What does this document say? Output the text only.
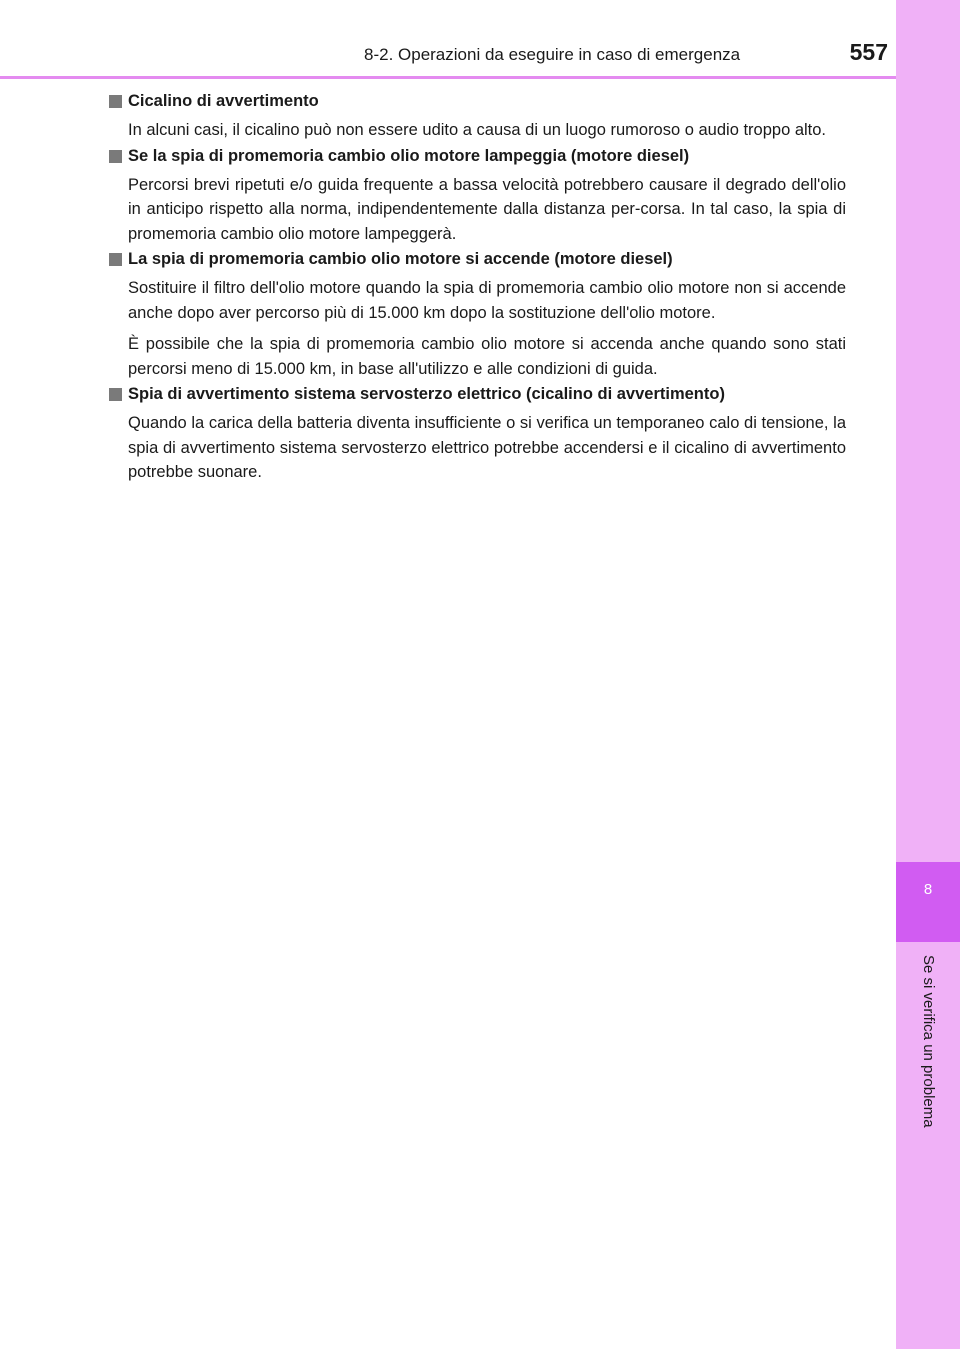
8
Se si verifica un problema
8-2. Operazioni da eseguire in caso di emergenza	557
Cicalino di avvertimento

In alcuni casi, il cicalino può non essere udito a causa di un luogo rumoroso o audio troppo alto.

Se la spia di promemoria cambio olio motore lampeggia (motore diesel)

Percorsi brevi ripetuti e/o guida frequente a bassa velocità potrebbero causare il degrado dell'olio in anticipo rispetto alla norma, indipendentemente dalla distanza per-corsa. In tal caso, la spia di promemoria cambio olio motore lampeggerà.

La spia di promemoria cambio olio motore si accende (motore diesel)

Sostituire il filtro dell'olio motore quando la spia di promemoria cambio olio motore non si accende anche dopo aver percorso più di 15.000 km dopo la sostituzione dell'olio motore.

È possibile che la spia di promemoria cambio olio motore si accenda anche quando sono stati percorsi meno di 15.000 km, in base all'utilizzo e alle condizioni di guida.

Spia di avvertimento sistema servosterzo elettrico (cicalino di avvertimento)

Quando la carica della batteria diventa insufficiente o si verifica un temporaneo calo di tensione, la spia di avvertimento sistema servosterzo elettrico potrebbe accendersi e il cicalino di avvertimento potrebbe suonare.
